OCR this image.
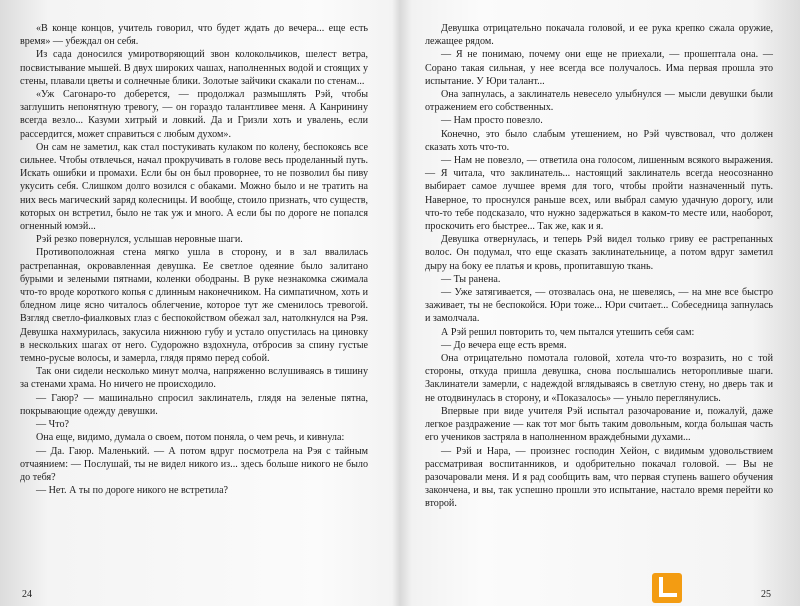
«В конце концов, учитель говорил, что будет ждать до вечера... еще есть время» — убеждал он себя.

Из сада доносился умиротворяющий звон колокольчиков, шелест ветра, посвистывание мышей. В двух широких чашах, наполненных водой и стоящих у стены, плавали цветы и солнечные блики. Золотые зайчики скакали по стенам...

«Уж Сагонаро-то доберется, — продолжал размышлять Рэй, чтобы заглушить непонятную тревогу, — он гораздо талантливее меня. А Канринину всегда везло... Казуми хитрый и ловкий. Да и Гризли хоть и увалень, если рассердится, может справиться с любым духом».

Он сам не заметил, как стал постукивать кулаком по колену, беспокоясь все сильнее. Чтобы отвлечься, начал прокручивать в голове весь проделанный путь. Искать ошибки и промахи. Если бы он был проворнее, то не позволил бы пиву укусить себя. Слишком долго возился с обаками. Можно было и не тратить на них весь магический заряд колесницы. И вообще, стоило признать, что существ, которых он встретил, было не так уж и много. А если бы по дороге не попался огненный юмэй...

Рэй резко повернулся, услышав неровные шаги.

Противоположная стена мягко ушла в сторону, и в зал ввалилась растрепанная, окровавленная девушка. Ее светлое одеяние было залитано бурыми и зелеными пятнами, коленки ободраны. В руке незнакомка сжимала что-то вроде короткого копья с длинным наконечником. На симпатичном, хоть и бледном лице ясно читалось облегчение, которое тут же сменилось тревогой. Взгляд светло-фиалковых глаз с беспокойством обежал зал, натолкнулся на Рэя. Девушка нахмурилась, закусила нижнюю губу и устало опустилась на циновку в нескольких шагах от него. Судорожно вздохнула, отбросив за спину густые темно-русые волосы, и замерла, глядя прямо перед собой.

Так они сидели несколько минут молча, напряженно вслушиваясь в тишину за стенами храма. Но ничего не происходило.

— Гаюр? — машинально спросил заклинатель, глядя на зеленые пятна, покрывающие одежду девушки.

— Что?

Она еще, видимо, думала о своем, потом поняла, о чем речь, и кивнула:

— Да. Гаюр. Маленький. — А потом вдруг посмотрела на Рэя с тайным отчаянием: — Послушай, ты не видел никого из... здесь больше никого не было до тебя?

— Нет. А ты по дороге никого не встретила?

24

Девушка отрицательно покачала головой, и ее рука крепко сжала оружие, лежащее рядом.

— Я не понимаю, почему они еще не приехали, — прошептала она. — Сорано такая сильная, у нее всегда все получалось. Има первая прошла это испытание. У Юри талант...

Она запнулась, а заклинатель невесело улыбнулся — мысли девушки были отражением его собственных.

— Нам просто повезло.

Конечно, это было слабым утешением, но Рэй чувствовал, что должен сказать хоть что-то.

— Нам не повезло, — ответила она голосом, лишенным всякого выражения. — Я читала, что заклинатель... настоящий заклинатель всегда неосознанно выбирает самое лучшее время для того, чтобы пройти назначенный путь. Наверное, то проснулся раньше всех, или выбрал самую удачную дорогу, или что-то тебе подсказало, что нужно задержаться в каком-то месте или, наоборот, проскочить его быстрее... Так же, как и я.

Девушка отвернулась, и теперь Рэй видел только гриву ее растрепанных волос. Он подумал, что еще сказать заклинательнице, а потом вдруг заметил дыру на боку ее платья и кровь, пропитавшую ткань.

— Ты ранена.

— Уже затягивается, — отозвалась она, не шевелясь, — на мне все быстро заживает, ты не беспокойся. Юри тоже... Юри считает... Собеседница запнулась и замолчала.

А Рэй решил повторить то, чем пытался утешить себя сам:

— До вечера еще есть время.

Она отрицательно помотала головой, хотела что-то возразить, но с той стороны, откуда пришла девушка, снова послышались неторопливые шаги. Заклинатели замерли, с надеждой вглядываясь в светлую стену, но дверь так и не отодвинулась в сторону, и «Показалось» — уныло переглянулись.

Впервые при виде учителя Рэй испытал разочарование и, пожалуй, даже легкое раздражение — как тот мог быть таким довольным, когда большая часть его учеников застряла в наполненном враждебными духами...

— Рэй и Нара, — произнес господин Хейон, с видимым удовольствием рассматривая воспитанников, и одобрительно покачал головой. — Вы не разочаровали меня. И я рад сообщить вам, что первая ступень вашего обучения закончена, и вы, так успешно прошли это испытание, настало время перейти ко второй.

25
